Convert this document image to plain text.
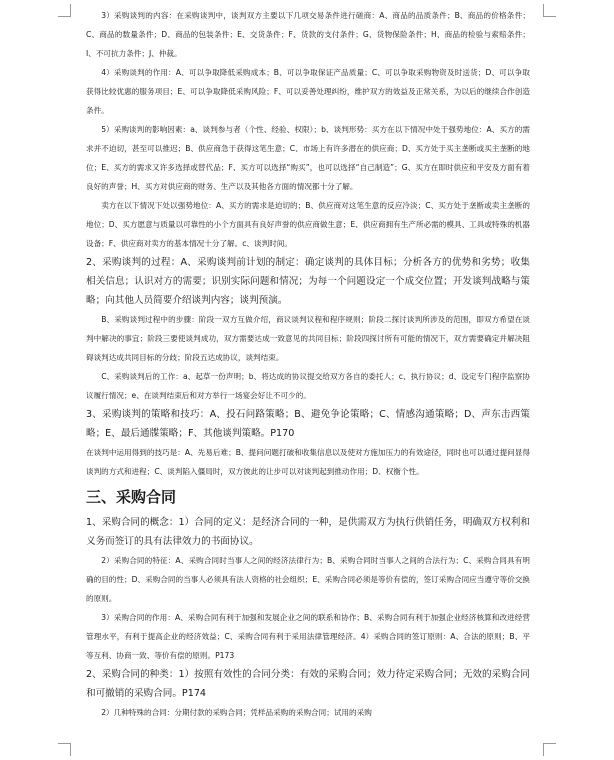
3）采购谈判的内容：在采购谈判中，谈判双方主要以下几项交易条件进行磋商：A、商品的品质条件；B、商品的价格条件；C、商品的数量条件；D、商品的包装条件；E、交货条件；F、货款的支付条件；G、货物保险条件；H、商品的检验与索赔条件；I、不可抗力条件；J、仲裁。

4）采购谈判的作用：A、可以争取降低采购成本；B、可以争取保证产品质量；C、可以争取采购物资及时送货；D、可以争取获得比较优惠的服务项目；E、可以争取降低采购风险；F、可以妥善处理纠纷，维护双方的效益及正常关系，为以后的继续合作创造条件。

5）采购谈判的影响因素：a、谈判参与者（个性、经验、权限）；b、谈判形势：买方在以下情况中处于强势地位：A、买方的需求并不迫切，甚至可以推迟；B、供应商急于获得这笔生意；C、市场上有许多潜在的供应商；D、买方处于买主垄断或买主垄断的地位；E、买方的需求又许多选择或替代品；F、买方可以选择“购买”，也可以选择“自己制造”；G、买方在即时供应和平安及方面有着良好的声誉；H、买方对供应商的财务、生产以及其他各方面的情况都十分了解。

卖方在以下情况下处以强势地位：A、买方的需求是迫切的；B、供应商对这笔生意的反应冷淡；C、买方处于垄断或卖主垄断的地位；D、买方愿意与质量以可靠性的小个方面具有良好声誉的供应商做生意；E、供应商拥有生产所必需的模具、工具或特殊的机器设备；F、供应商对卖方的基本情况十分了解。c、谈判时间。

2、采购谈判的过程：A、采购谈判前计划的制定：确定谈判的具体目标；分析各方的优势和劣势；收集相关信息；认识对方的需要；识别实际问题和情况；为每一个问题设定一个成交位置；开发谈判战略与策略；向其他人员简要介绍谈判内容；谈判预演。

B、采购谈判过程中的步骤：阶段一双方互做介绍，商议谈判议程和程序规则；阶段二探讨谈判所涉及的范围，即双方希望在谈判中解决的事宜；阶段三要使谈判成功，双方需要达成一致意见的共同目标；阶段四探讨所有可能的情况下，双方需要确定并解决阻碍谈判达成共同目标的分歧；阶段五达成协议，谈判结束。

C、采购谈判后的工作：a、起草一份声明；b、将达成的协议提交给双方各自的委托人；c、执行协议；d、设定专门程序监察协议履行情况；e、在谈判结束后和对方举行一场宴会好让不可少的。

3、采购谈判的策略和技巧：A、投石问路策略；B、避免争论策略；C、情感沟通策略；D、声东击西策略；E、最后通牒策略；F、其他谈判策略。P170

在谈判中运用得到的技巧是：A、先易后难；B、提问问题打破和收集信息以及使对方施加压力的有效途径，同时也可以通过提问显得谈判的方式和进程；C、谈判陷入僵局时，双方彼此的让步可以对谈判起到推动作用；D、权衡个性。

三、采购合同

1、采购合同的概念：1）合同的定义：是经济合同的一种，是供需双方为执行供销任务，明确双方权利和义务而签订的具有法律效力的书面协议。

2）采购合同的特征：A、采购合同时当事人之间的经济法律行为；B、采购合同时当事人之间的合法行为；C、采购合同具有明确的目的性；D、采购合同的当事人必须具有法人资格的社会组织；E、采购合同必须是等价有偿的，签订采购合同应当遵守等价交换的原则。

3）采购合同的作用：A、采购合同有利于加强和发展企业之间的联系和协作；B、采购合同有利于加强企业经济核算和改进经营管理水平，有利于提高企业的经济效益；C、采购合同有利于采用法律管理经济。4）采购合同的签订原则：A、合法的原则；B、平等互利、协商一致、等价有偿的原则。P173

2、采购合同的种类：1）按照有效性的合同分类：有效的采购合同；效力待定采购合同；无效的采购合同和可撤销的采购合同。P174

2）几种特殊的合同：分期付款的采购合同；凭样品采购的采购合同；试用的采购
